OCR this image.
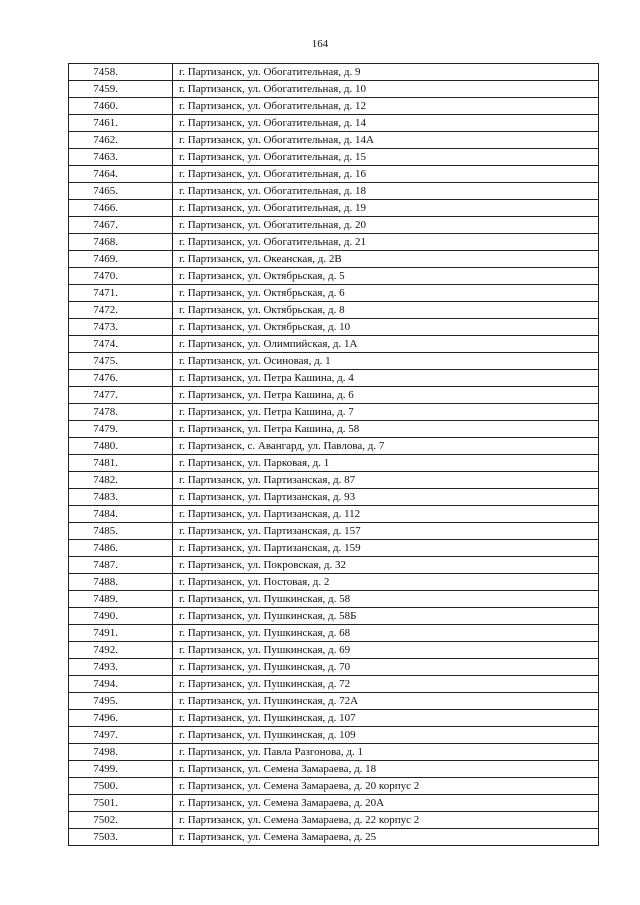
164
7458.	г. Партизанск, ул. Обогатительная, д. 9
7459.	г. Партизанск, ул. Обогатительная, д. 10
7460.	г. Партизанск, ул. Обогатительная, д. 12
7461.	г. Партизанск, ул. Обогатительная, д. 14
7462.	г. Партизанск, ул. Обогатительная, д. 14А
7463.	г. Партизанск, ул. Обогатительная, д. 15
7464.	г. Партизанск, ул. Обогатительная, д. 16
7465.	г. Партизанск, ул. Обогатительная, д. 18
7466.	г. Партизанск, ул. Обогатительная, д. 19
7467.	г. Партизанск, ул. Обогатительная, д. 20
7468.	г. Партизанск, ул. Обогатительная, д. 21
7469.	г. Партизанск, ул. Океанская, д. 2В
7470.	г. Партизанск, ул. Октябрьская, д. 5
7471.	г. Партизанск, ул. Октябрьская, д. 6
7472.	г. Партизанск, ул. Октябрьская, д. 8
7473.	г. Партизанск, ул. Октябрьская, д. 10
7474.	г. Партизанск, ул. Олимпийская, д. 1А
7475.	г. Партизанск, ул. Осиновая, д. 1
7476.	г. Партизанск, ул. Петра Кашина, д. 4
7477.	г. Партизанск, ул. Петра Кашина, д. 6
7478.	г. Партизанск, ул. Петра Кашина, д. 7
7479.	г. Партизанск, ул. Петра Кашина, д. 58
7480.	г. Партизанск, с. Авангард, ул. Павлова, д. 7
7481.	г. Партизанск, ул. Парковая, д. 1
7482.	г. Партизанск, ул. Партизанская, д. 87
7483.	г. Партизанск, ул. Партизанская, д. 93
7484.	г. Партизанск, ул. Партизанская, д. 112
7485.	г. Партизанск, ул. Партизанская, д. 157
7486.	г. Партизанск, ул. Партизанская, д. 159
7487.	г. Партизанск, ул. Покровская, д. 32
7488.	г. Партизанск, ул. Постовая, д. 2
7489.	г. Партизанск, ул. Пушкинская, д. 58
7490.	г. Партизанск, ул. Пушкинская, д. 58Б
7491.	г. Партизанск, ул. Пушкинская, д. 68
7492.	г. Партизанск, ул. Пушкинская, д. 69
7493.	г. Партизанск, ул. Пушкинская, д. 70
7494.	г. Партизанск, ул. Пушкинская, д. 72
7495.	г. Партизанск, ул. Пушкинская, д. 72А
7496.	г. Партизанск, ул. Пушкинская, д. 107
7497.	г. Партизанск, ул. Пушкинская, д. 109
7498.	г. Партизанск, ул. Павла Разгонова, д. 1
7499.	г. Партизанск, ул. Семена Замараева, д. 18
7500.	г. Партизанск, ул. Семена Замараева, д. 20 корпус 2
7501.	г. Партизанск, ул. Семена Замараева, д. 20А
7502.	г. Партизанск, ул. Семена Замараева, д. 22 корпус 2
7503.	г. Партизанск, ул. Семена Замараева, д. 25
